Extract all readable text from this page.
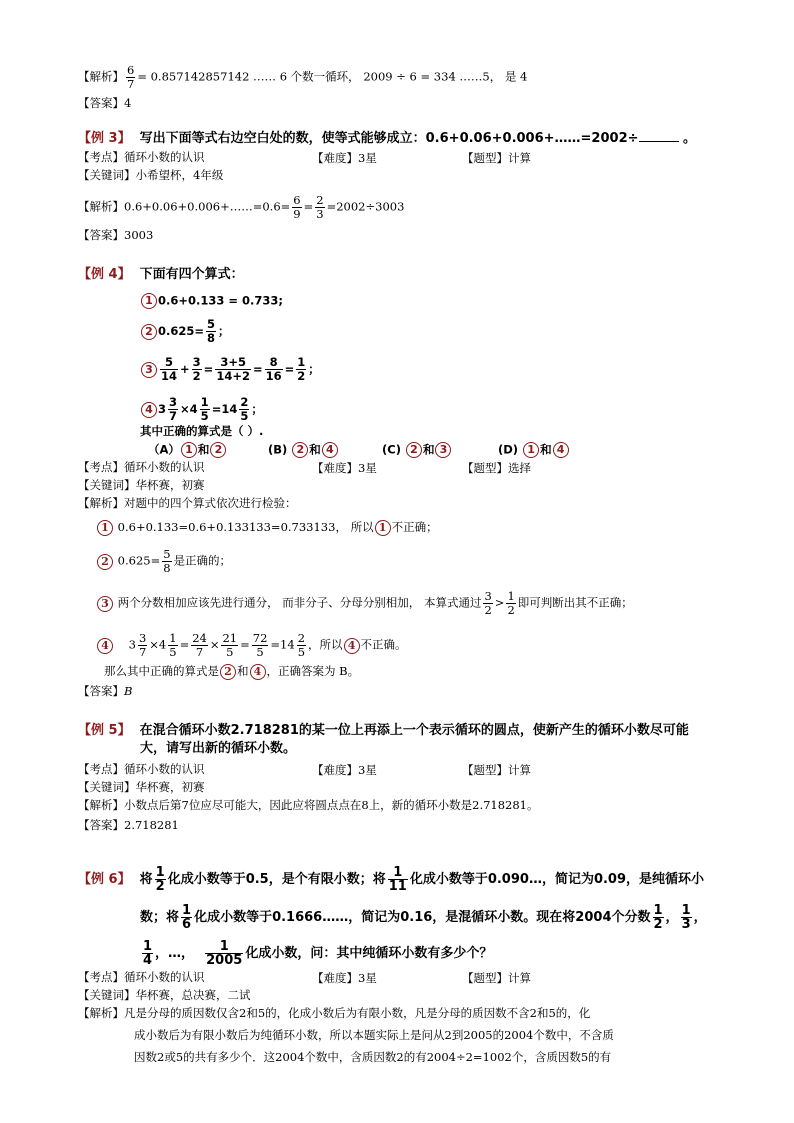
【解析】 $\frac{6}{7} = 0.857142857142$ …… 6 个数一循环， 2009 ÷ 6 = 334 ……5， 是 4
【答案】4
【例 3】 写出下面等式右边空白处的数，使等式能够成立：0.6+0.06+0.006+……=2002÷	。
【考点】循环小数的认识	【难度】3星	【题型】计算
【关键词】小希望杯，4年级
【解析】0.6+0.06+0.006+……=0.6= $\frac{6}{9} = \frac{2}{3} =2002\div 3003$
【答案】3003
【例 4】 下面有四个算式：
1 0.6+0.133 = 0.733;
2 $0.625= \frac{5}{8}$ ；
$3 \frac{5}{14} + \frac{3}{2} = \frac{3+5}{14+2} = \frac{8}{16} = \frac{1}{2}$ ；
4 $3 \frac{3}{7} \times 4 \frac{1}{5} =14 \frac{2}{5}$ ；
其中正确的算式是（ ）.
（A） 1 和 2	(B) 2 和 4	(C) 2 和 3	(D) 1 和 4
【考点】循环小数的认识	【难度】3星	【题型】选择
【关键词】华杯赛，初赛
【解析】对题中的四个算式依次进行检验：
1 0.6+0.133=0.6+0.133133=0.733133， 所以 1 不正确；
2 $0.625= \frac{5}{8}$ 是正确的；
3 两个分数相加应该先进行通分， 而非分子、分母分别相加， 本算式通过 $\frac{3}{2} > \frac{1}{2}$ 即可判断出其不正确；
4 $3 \frac{3}{7} \times 4 \frac{1}{5} = \frac{24}{7} \times \frac{21}{5} = \frac{72}{5} =14 \frac{2}{5}$ ，所以 4 不正确。
那么其中正确的算式是 2 和 4 ，正确答案为 B。
【答案】B
【例 5】 在混合循环小数2.718281的某一位上再添上一个表示循环的圆点，使新产生的循环小数尽可能
大，请写出新的循环小数。
【考点】循环小数的认识	【难度】3星	【题型】计算
【关键词】华杯赛，初赛
【解析】小数点后第7位应尽可能大，因此应将圆点点在8上，新的循环小数是2.718281。
【答案】2.718281
【例 6】 将 $\frac{1}{2}$ 化成小数等于0.5，是个有限小数；将 $\frac{1}{11}$ 化成小数等于0.090…，简记为0.09，是纯循环小
数；将 $\frac{1}{6}$ 化成小数等于0.1666……，简记为0.16，是混循环小数。现在将2004个分数 $\frac{1}{2}$ ， $\frac{1}{3}$ ，
$\frac{1}{4}$ ，…， $\frac{1}{2005}$ 化成小数，问：其中纯循环小数有多少个？
【考点】循环小数的认识	【难度】3星	【题型】计算
【关键词】华杯赛，总决赛，二试
【解析】凡是分母的质因数仅含2和5的，化成小数后为有限小数，凡是分母的质因数不含2和5的，化
成小数后为有限小数后为纯循环小数，所以本题实际上是问从2到2005的2004个数中，不含质
因数2或5的共有多少个．这2004个数中，含质因数2的有2004÷2=1002个，含质因数5的有
